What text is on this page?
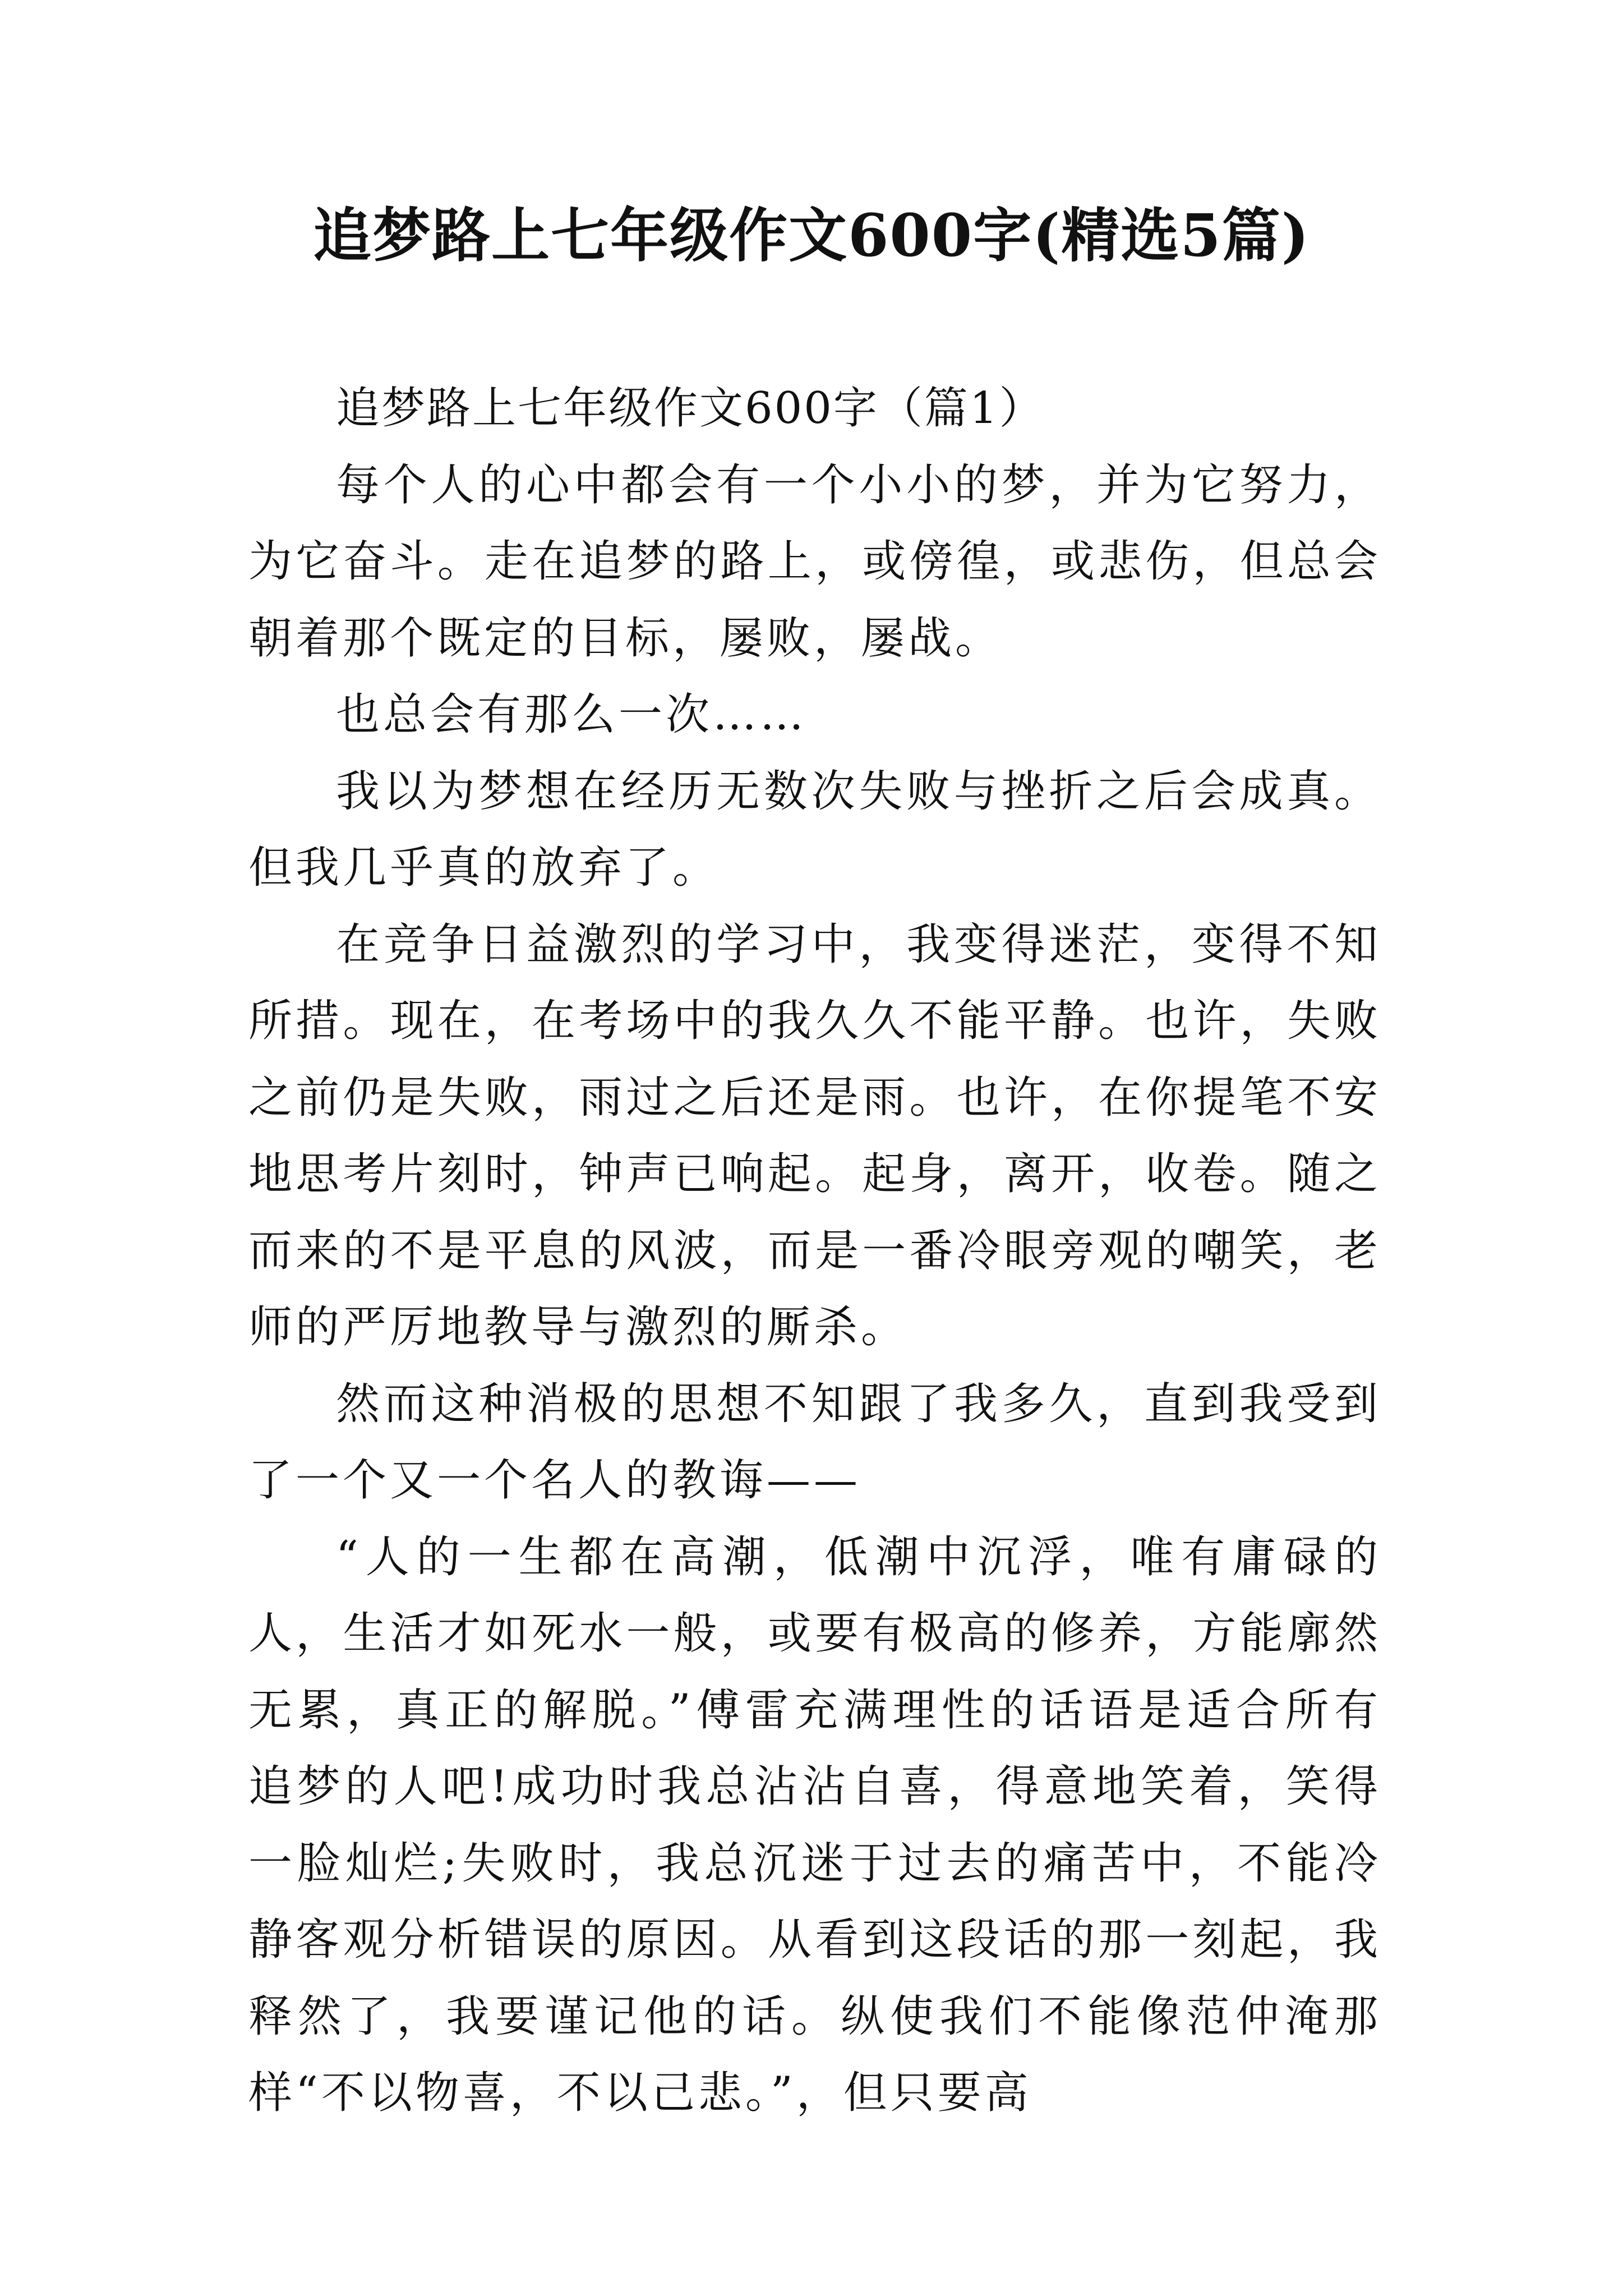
追梦路上七年级作文600字(精选5篇)

追梦路上七年级作文600字（篇1）

每个人的心中都会有一个小小的梦，并为它努力，为它奋斗。走在追梦的路上，或傍徨，或悲伤，但总会朝着那个既定的目标，屡败，屡战。

也总会有那么一次……

我以为梦想在经历无数次失败与挫折之后会成真。但我几乎真的放弃了。

在竞争日益激烈的学习中，我变得迷茫，变得不知所措。现在，在考场中的我久久不能平静。也许，失败之前仍是失败，雨过之后还是雨。也许，在你提笔不安地思考片刻时，钟声已响起。起身，离开，收卷。随之而来的不是平息的风波，而是一番冷眼旁观的嘲笑，老师的严厉地教导与激烈的厮杀。

然而这种消极的思想不知跟了我多久，直到我受到了一个又一个名人的教诲——

“人的一生都在高潮，低潮中沉浮，唯有庸碌的人，生活才如死水一般，或要有极高的修养，方能廓然无累，真正的解脱。”傅雷充满理性的话语是适合所有追梦的人吧!成功时我总沾沾自喜，得意地笑着，笑得一脸灿烂;失败时，我总沉迷于过去的痛苦中，不能冷静客观分析错误的原因。从看到这段话的那一刻起，我释然了，我要谨记他的话。纵使我们不能像范仲淹那样“不以物喜，不以己悲。”，但只要高
